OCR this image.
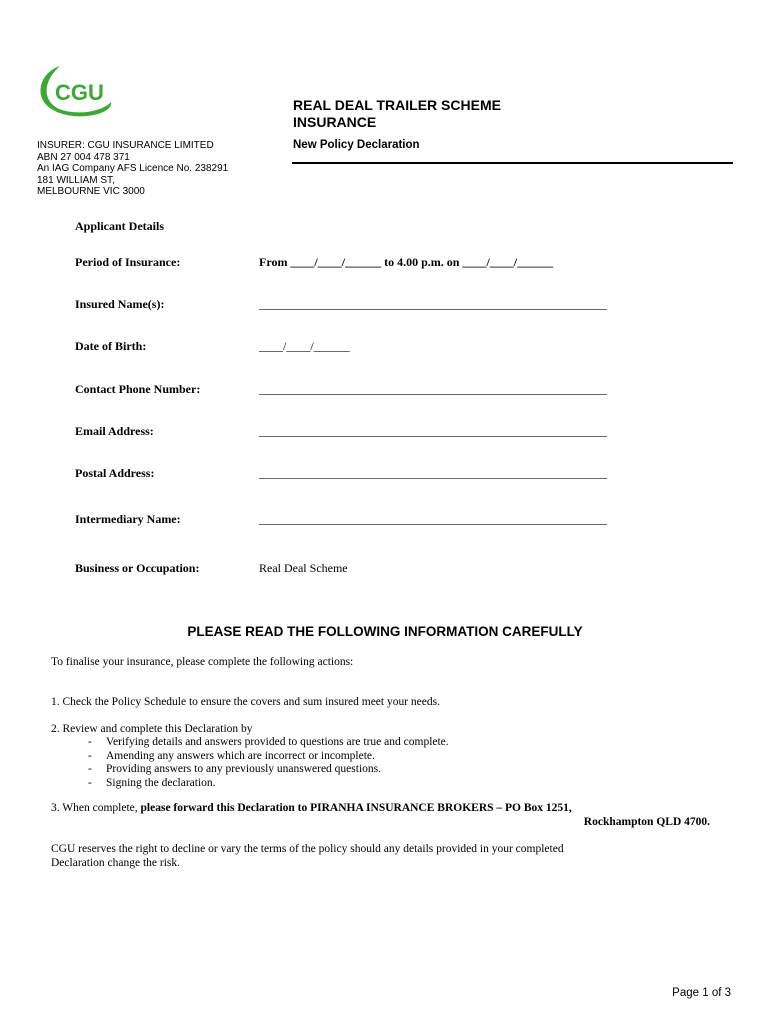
CGU
INSURER: CGU INSURANCE LIMITED
ABN 27 004 478 371
An IAG Company AFS Licence No. 238291
181 WILLIAM ST,
MELBOURNE VIC 3000
REAL DEAL TRAILER SCHEME
INSURANCE
New Policy Declaration
Applicant Details
Period of Insurance:	From ____/____/______ to 4.00 p.m. on ____/____/______
Insured Name(s):	__________________________________________________________
Date of Birth:	____/____/______
Contact Phone Number:	__________________________________________________________
Email Address:	__________________________________________________________
Postal Address:	__________________________________________________________
Intermediary Name:	__________________________________________________________
Business or Occupation:	Real Deal Scheme
PLEASE READ THE FOLLOWING INFORMATION CAREFULLY
To finalise your insurance, please complete the following actions:
1. Check the Policy Schedule to ensure the covers and sum insured meet your needs.
2. Review and complete this Declaration by
- Verifying details and answers provided to questions are true and complete.
- Amending any answers which are incorrect or incomplete.
- Providing answers to any previously unanswered questions.
- Signing the declaration.
3. When complete, please forward this Declaration to PIRANHA INSURANCE BROKERS – PO Box 1251,
Rockhampton QLD 4700.
CGU reserves the right to decline or vary the terms of the policy should any details provided in your completed
Declaration change the risk.
Page 1 of 3
